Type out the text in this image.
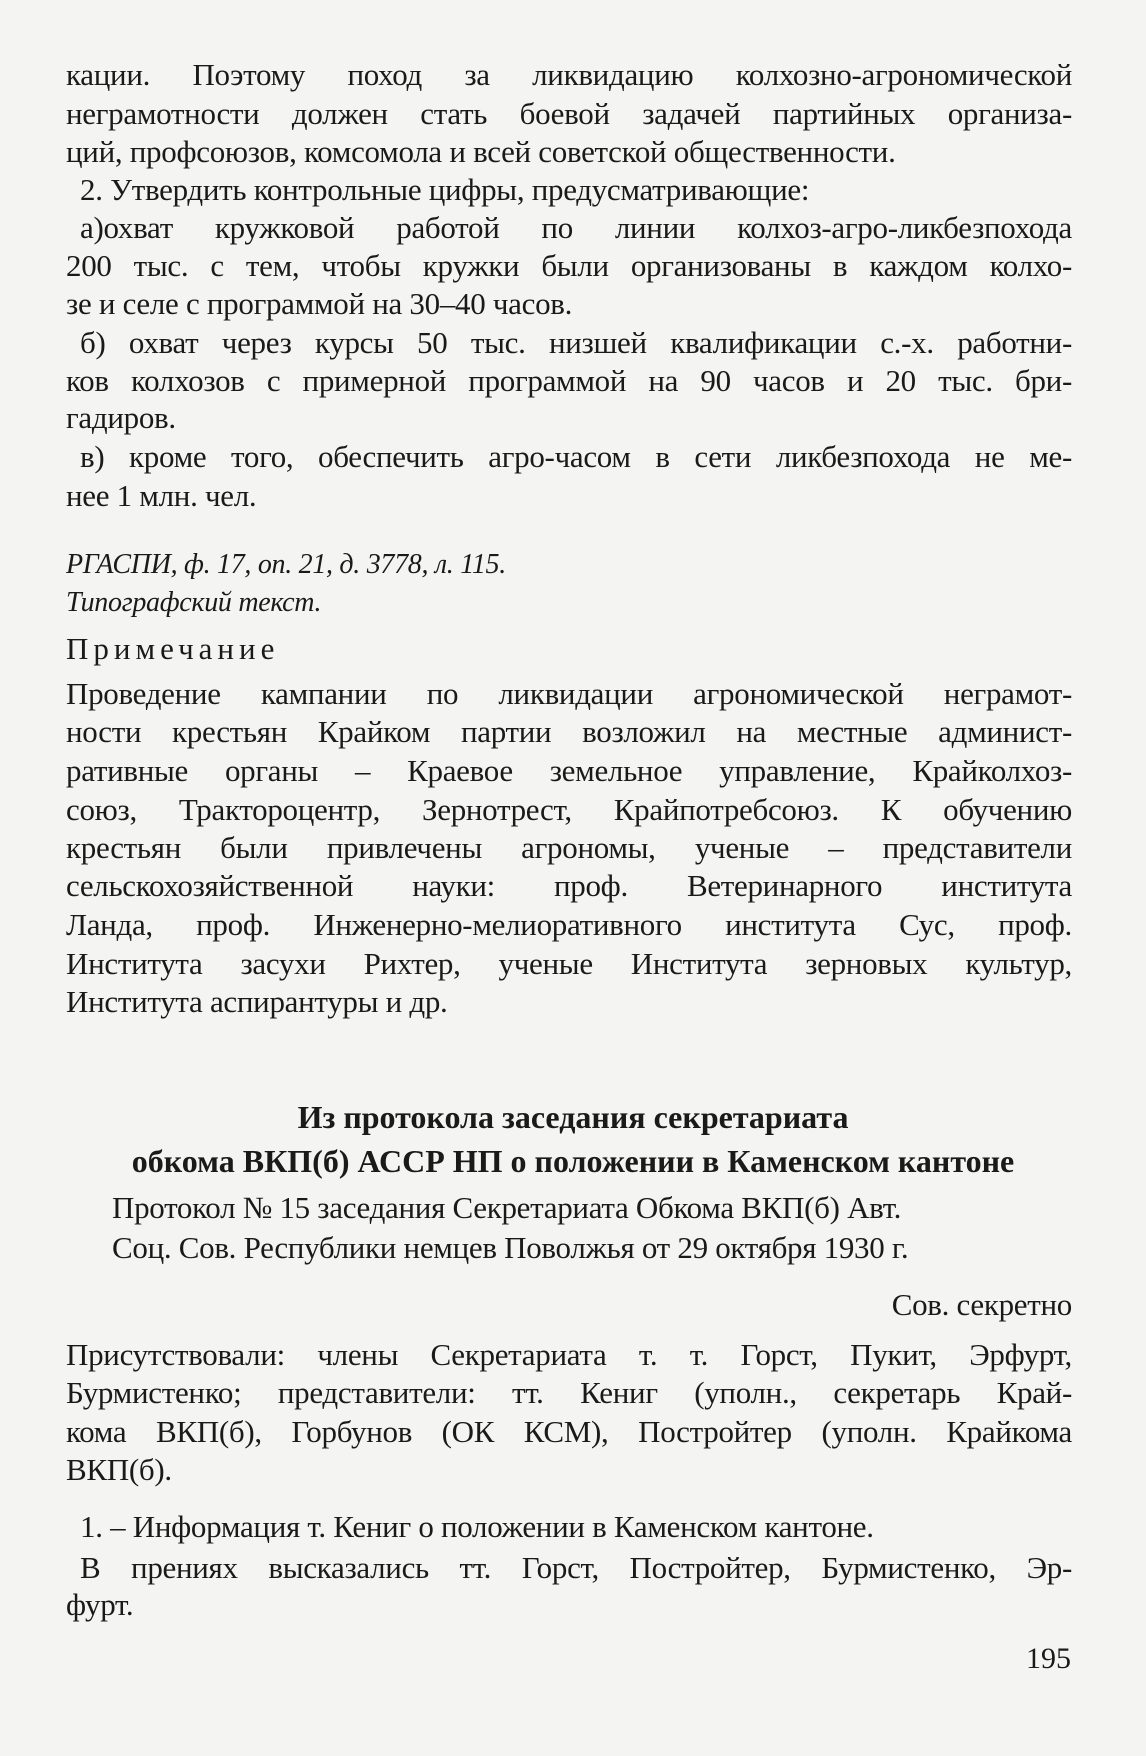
кации. Поэтому поход за ликвидацию колхозно-агрономической
неграмотности должен стать боевой задачей партийных организа-
ций, профсоюзов, комсомола и всей советской общественности.
2. Утвердить контрольные цифры, предусматривающие:
а)охват кружковой работой по линии колхоз-агро-ликбезпохода
200 тыс. с тем, чтобы кружки были организованы в каждом колхо-
зе и селе с программой на 30–40 часов.
б) охват через курсы 50 тыс. низшей квалификации с.-х. работни-
ков колхозов с примерной программой на 90 часов и 20 тыс. бри-
гадиров.
в) кроме того, обеспечить агро-часом в сети ликбезпохода не ме-
нее 1 млн. чел.
РГАСПИ, ф. 17, оп. 21, д. 3778, л. 115.
Типографский текст.
Примечание
Проведение кампании по ликвидации агрономической неграмот-
ности крестьян Крайком партии возложил на местные админист-
ративные органы – Краевое земельное управление, Крайколхоз-
союз, Трактороцентр, Зернотрест, Крайпотребсоюз. К обучению
крестьян были привлечены агрономы, ученые – представители
сельскохозяйственной науки: проф. Ветеринарного института
Ланда, проф. Инженерно-мелиоративного института Сус, проф.
Института засухи Рихтер, ученые Института зерновых культур,
Института аспирантуры и др.
Из протокола заседания секретариата
обкома ВКП(б) АССР НП о положении в Каменском кантоне
Протокол № 15 заседания Секретариата Обкома ВКП(б) Авт.
Соц. Сов. Республики немцев Поволжья от 29 октября 1930 г.
Сов. секретно
Присутствовали: члены Секретариата т. т. Горст, Пукит, Эрфурт,
Бурмистенко; представители: тт. Кениг (уполн., секретарь Край-
кома ВКП(б), Горбунов (ОК КСМ), Постройтер (уполн. Крайкома
ВКП(б).
1. – Информация т. Кениг о положении в Каменском кантоне.
В прениях высказались тт. Горст, Постройтер, Бурмистенко, Эр-
фурт.
195
